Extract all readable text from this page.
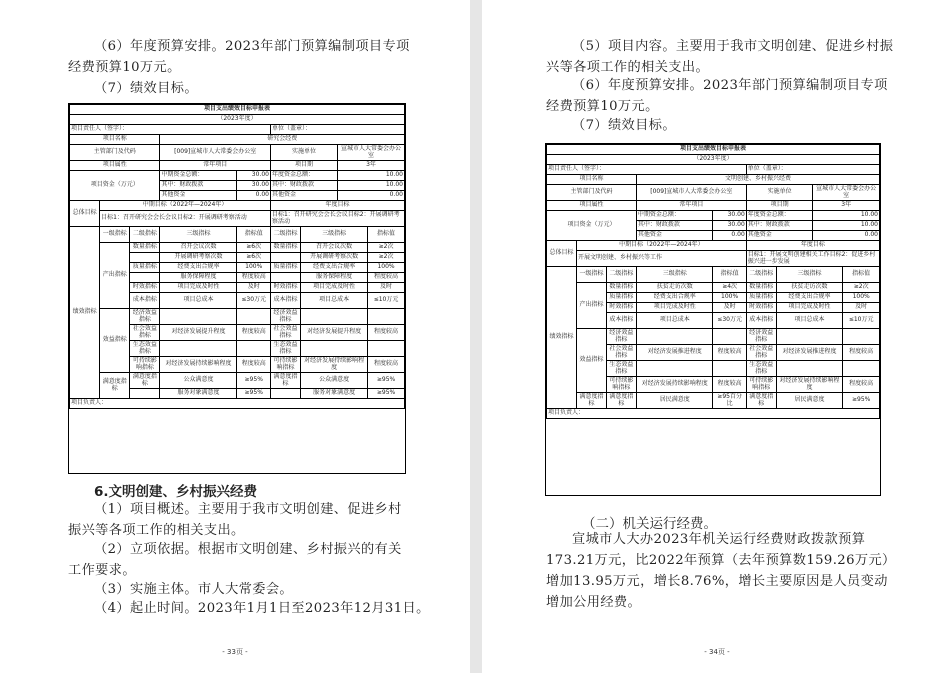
（6）年度预算安排。2023年部门预算编制项目专项经费预算10万元。
（7）绩效目标。
项目支出绩效目标申报表								
（2023年度）								
项目责任人（签字）：					单位（盖章）：			
项目名称			研究会经费					
主管部门及代码			[009]宣城市人大常委会办公室		实施单位		宣城市人大常委会办公室	
项目属性			常年项目		项目期		3年	
项目资金（万元）			中期资金总额：	30.00	年度资金总额：		10.00	
			其中：财政拨款	30.00	其中：财政拨款		10.00	
			其他资金	0.00	其他资金		0.00	
总体目标	中期目标（2022年—2024年）				年度目标			
	目标1：召开研究会会长会议目标2：开展调研考察活动				目标1：召开研究会会长会议目标2：开展调研考察活动			
绩效指标	一级指标	二级指标	三级指标	指标值	二级指标	三级指标		指标值
	产出指标	数量指标	召开会议次数	≥6次	数量指标	召开会议次数		≥2次
			开展调研考察次数	≥6次		开展调研考察次数		≥2次
		质量指标	经费支出合规率	100%	质量指标	经费支出合规率		100%
			服务保障程度	程度较高		服务保障程度		程度较高
		时效指标	项目完成及时性	及时	时效指标	项目完成及时性		及时
		成本指标	项目总成本	≤30万元	成本指标	项目总成本		≤10万元
	效益指标	经济效益指标			经济效益指标			
		社会效益指标	对经济发展提升程度	程度较高	社会效益指标	对经济发展提升程度		程度较高
		生态效益指标			生态效益指标			
		可持续影响指标	对经济发展持续影响程度	程度较高	可持续影响指标	对经济发展持续影响程度		程度较高
	满意度指标	满意度指标	公众满意度	≥95%	满意度指标	公众满意度		≥95%
			服务对象满意度	≥95%		服务对象满意度		≥95%
项目负责人：								
6.文明创建、乡村振兴经费
（1）项目概述。主要用于我市文明创建、促进乡村振兴等各项工作的相关支出。
（2）立项依据。根据市文明创建、乡村振兴的有关工作要求。
（3）实施主体。市人大常委会。
（4）起止时间。2023年1月1日至2023年12月31日。
- 33页 -
（5）项目内容。主要用于我市文明创建、促进乡村振兴等各项工作的相关支出。
（6）年度预算安排。2023年部门预算编制项目专项经费预算10万元。
（7）绩效目标。
项目支出绩效目标申报表								
（2023年度）								
项目责任人（签字）：					单位（盖章）：			
项目名称			文明创建、乡村振兴经费					
主管部门及代码			[009]宣城市人大常委会办公室		实施单位		宣城市人大常委会办公室	
项目属性			常年项目		项目期		3年	
项目资金（万元）			中期资金总额：	30.00	年度资金总额：		10.00	
			其中：财政拨款	30.00	其中：财政拨款		10.00	
			其他资金	0.00	其他资金		0.00	
总体目标	中期目标（2022年—2024年）				年度目标			
	开展文明创建、乡村振兴等工作				目标1：开展文明创建相关工作目标2：促进乡村振兴进一步发展			
绩效指标	一级指标	二级指标	三级指标	指标值	二级指标	三级指标		指标值
	产出指标	数量指标	扶贫走访次数	≥4次	数量指标	扶贫走访次数		≥2次
		质量指标	经费支出合规率	100%	质量指标	经费支出合规率		100%
		时效指标	项目完成及时性	及时	时效指标	项目完成及时性		及时
		成本指标	项目总成本	≤30万元	成本指标	项目总成本		≤10万元
	效益指标	经济效益指标			经济效益指标			
		社会效益指标	对经济发展推进程度	程度较高	社会效益指标	对经济发展推进程度		程度较高
		生态效益指标			生态效益指标			
		可持续影响指标	对经济发展持续影响程度	程度较高	可持续影响指标	对经济发展持续影响程度		程度较高
	满意度指标	满意度指标	居民满意度	≥95百分比	满意度指标	居民满意度		≥95%
项目负责人：								
（二）机关运行经费。
宣城市人大办2023年机关运行经费财政拨款预算173.21万元，比2022年预算（去年预算数159.26万元）增加13.95万元，增长8.76%，增长主要原因是人员变动增加公用经费。
- 34页 -
